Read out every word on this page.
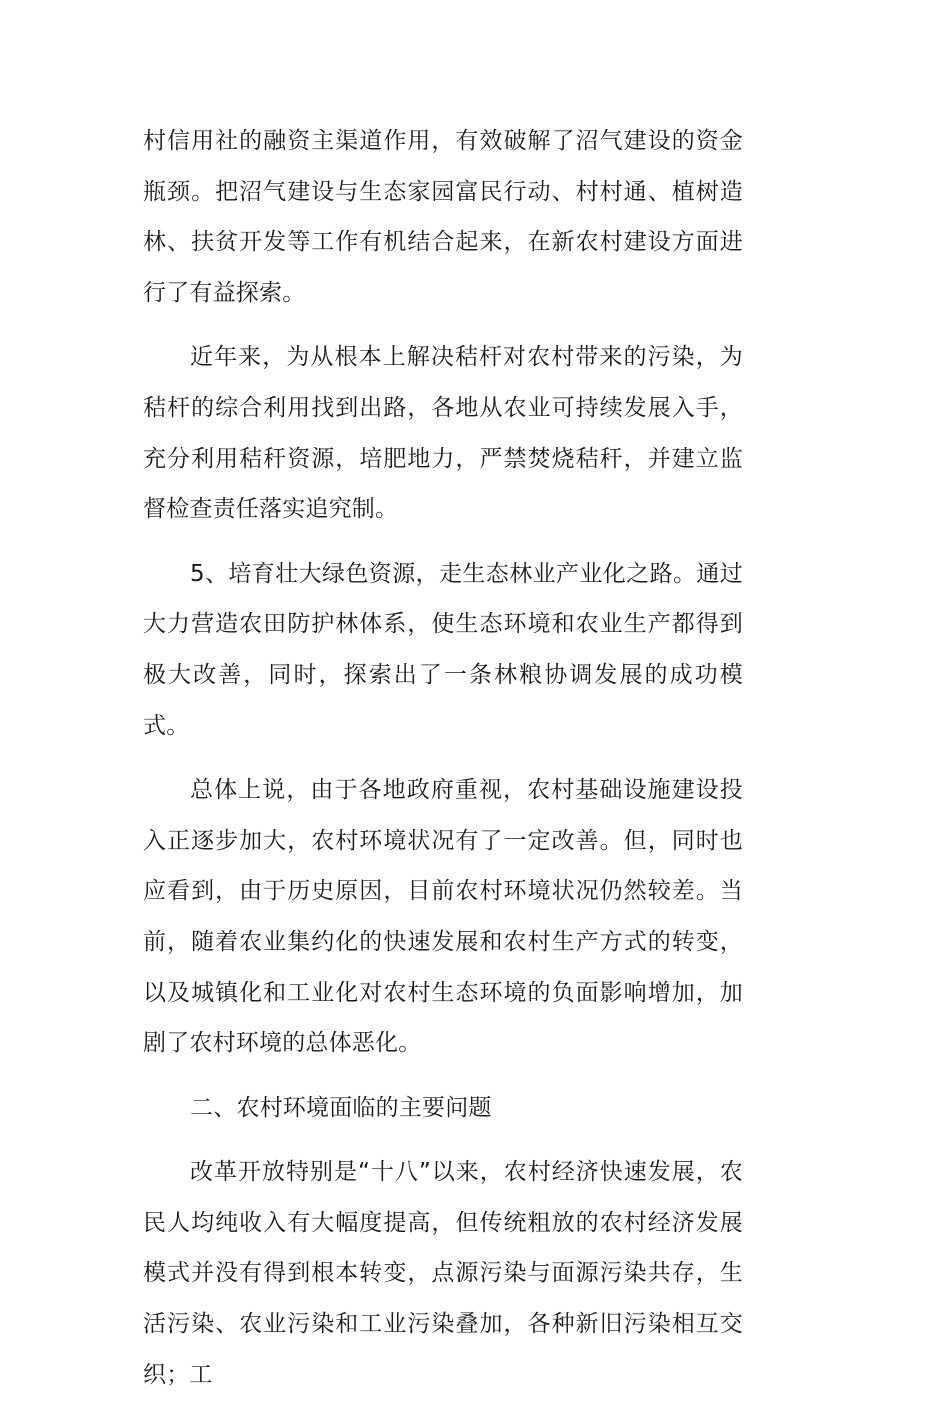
村信用社的融资主渠道作用，有效破解了沼气建设的资金瓶颈。把沼气建设与生态家园富民行动、村村通、植树造林、扶贫开发等工作有机结合起来，在新农村建设方面进行了有益探索。

近年来，为从根本上解决秸杆对农村带来的污染，为秸杆的综合利用找到出路，各地从农业可持续发展入手，充分利用秸秆资源，培肥地力，严禁焚烧秸秆，并建立监督检查责任落实追究制。

5、培育壮大绿色资源，走生态林业产业化之路。通过大力营造农田防护林体系，使生态环境和农业生产都得到极大改善，同时，探索出了一条林粮协调发展的成功模式。

总体上说，由于各地政府重视，农村基础设施建设投入正逐步加大，农村环境状况有了一定改善。但，同时也应看到，由于历史原因，目前农村环境状况仍然较差。当前，随着农业集约化的快速发展和农村生产方式的转变，以及城镇化和工业化对农村生态环境的负面影响增加，加剧了农村环境的总体恶化。

二、农村环境面临的主要问题

改革开放特别是“十八”以来，农村经济快速发展，农民人均纯收入有大幅度提高，但传统粗放的农村经济发展模式并没有得到根本转变，点源污染与面源污染共存，生活污染、农业污染和工业污染叠加，各种新旧污染相互交织；工
